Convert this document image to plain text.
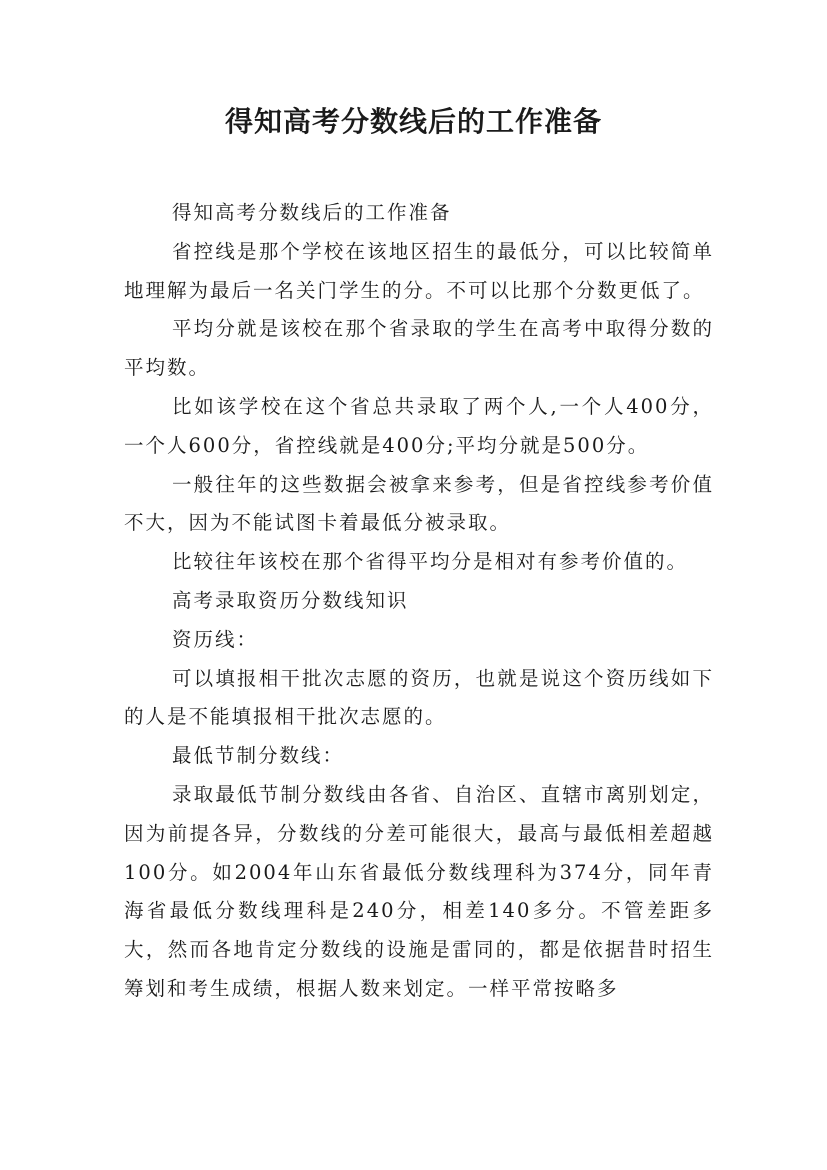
得知高考分数线后的工作准备

得知高考分数线后的工作准备

省控线是那个学校在该地区招生的最低分，可以比较简单地理解为最后一名关门学生的分。不可以比那个分数更低了。

平均分就是该校在那个省录取的学生在高考中取得分数的平均数。

比如该学校在这个省总共录取了两个人,一个人400分，一个人600分，省控线就是400分;平均分就是500分。

一般往年的这些数据会被拿来参考，但是省控线参考价值不大，因为不能试图卡着最低分被录取。

比较往年该校在那个省得平均分是相对有参考价值的。

高考录取资历分数线知识

资历线：

可以填报相干批次志愿的资历，也就是说这个资历线如下的人是不能填报相干批次志愿的。

最低节制分数线：

录取最低节制分数线由各省、自治区、直辖市离别划定，因为前提各异，分数线的分差可能很大，最高与最低相差超越100分。如2004年山东省最低分数线理科为374分，同年青海省最低分数线理科是240分，相差140多分。不管差距多大，然而各地肯定分数线的设施是雷同的，都是依据昔时招生筹划和考生成绩，根据人数来划定。一样平常按略多
